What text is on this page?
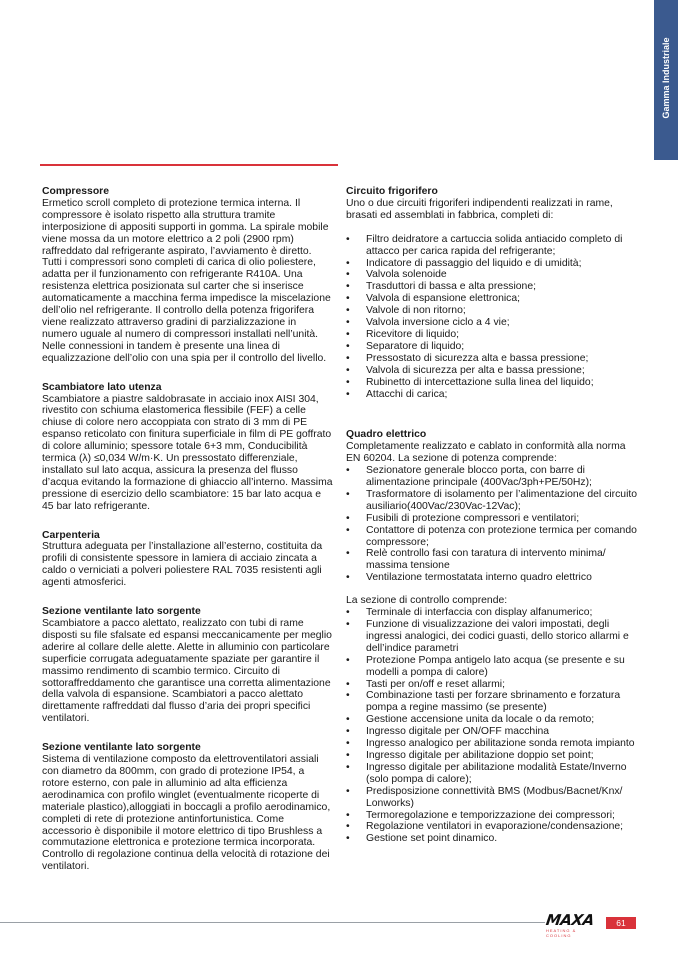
Gamma Industriale
Compressore

Ermetico scroll completo di protezione termica interna. Il compressore è isolato rispetto alla struttura tramite interposizione di appositi supporti in gomma. La spirale mobile viene mossa da un motore elettrico a 2 poli (2900 rpm) raffreddato dal refrigerante aspirato, l’avviamento è diretto. Tutti i compressori sono completi di carica di olio poliestere, adatta per il funzionamento con refrigerante R410A. Una resistenza elettrica posizionata sul carter che si inserisce automaticamente a macchina ferma impedisce la miscelazione dell’olio nel refrigerante. Il controllo della potenza frigorifera viene realizzato attraverso gradini di parzializzazione in numero uguale al numero di compressori installati nell’unità. Nelle connessioni in tandem è presente una linea di equalizzazione dell’olio con una spia per il controllo del livello.

Scambiatore lato utenza

Scambiatore a piastre saldobrasate in acciaio inox AISI 304, rivestito con schiuma elastomerica flessibile (FEF) a celle chiuse di colore nero accoppiata con strato di 3 mm di PE espanso reticolato con finitura superficiale in film di PE goffrato di colore alluminio; spessore totale 6+3 mm, Conducibilità termica (λ) ≤0,034 W/m·K. Un pressostato differenziale, installato sul lato acqua, assicura la presenza del flusso d’acqua evitando la formazione di ghiaccio all’interno. Massima pressione di esercizio dello scambiatore: 15 bar lato acqua e 45 bar lato refrigerante.

Carpenteria

Struttura adeguata per l’installazione all’esterno, costituita da profili di consistente spessore in lamiera di acciaio zincata a caldo o verniciati a polveri poliestere RAL 7035 resistenti agli agenti atmosferici.

Sezione ventilante lato sorgente

Scambiatore a pacco alettato, realizzato con tubi di rame disposti su file sfalsate ed espansi meccanicamente per meglio aderire al collare delle alette. Alette in alluminio con particolare superficie corrugata adeguatamente spaziate per garantire il massimo rendimento di scambio termico. Circuito di sottoraffreddamento che garantisce una corretta alimentazione della valvola di espansione. Scambiatori a pacco alettato direttamente raffreddati dal flusso d’aria dei propri specifici ventilatori.

Sezione ventilante lato sorgente

Sistema di ventilazione composto da elettroventilatori assiali con diametro da 800mm, con grado di protezione IP54, a rotore esterno, con pale in alluminio ad alta efficienza aerodinamica con profilo winglet (eventualmente ricoperte di materiale plastico),alloggiati in boccagli a profilo aerodinamico, completi di rete di protezione antinfortunistica. Come accessorio è disponibile il motore elettrico di tipo Brushless a commutazione elettronica e protezione termica incorporata. Controllo di regolazione continua della velocità di rotazione dei ventilatori.

Circuito frigorifero

Uno o due circuiti frigoriferi indipendenti realizzati in rame, brasati ed assemblati in fabbrica, completi di:

• Filtro deidratore a cartuccia solida antiacido completo di attacco per carica rapida del refrigerante;
• Indicatore di passaggio del liquido e di umidità;
• Valvola solenoide
• Trasduttori di bassa e alta pressione;
• Valvola di espansione elettronica;
• Valvole di non ritorno;
• Valvola inversione ciclo a 4 vie;
• Ricevitore di liquido;
• Separatore di liquido;
• Pressostato di sicurezza alta e bassa pressione;
• Valvola di sicurezza per alta e bassa pressione;
• Rubinetto di intercettazione sulla linea del liquido;
• Attacchi di carica;
Quadro elettrico

Completamente realizzato e cablato in conformità alla norma EN 60204. La sezione di potenza comprende:

• Sezionatore generale blocco porta, con barre di alimentazione principale (400Vac/3ph+PE/50Hz);
• Trasformatore di isolamento per l’alimentazione del circuito ausiliario(400Vac/230Vac-12Vac);
• Fusibili di protezione compressori e ventilatori;
• Contattore di potenza con protezione termica per comando compressore;
• Relè controllo fasi con taratura di intervento minima/ massima tensione
• Ventilazione termostatata interno quadro elettrico

La sezione di controllo comprende:

• Terminale di interfaccia con display alfanumerico;
• Funzione di visualizzazione dei valori impostati, degli ingressi analogici, dei codici guasti, dello storico allarmi e dell’indice parametri
• Protezione Pompa antigelo lato acqua (se presente e su modelli a pompa di calore)
• Tasti per on/off e reset allarmi;
• Combinazione tasti per forzare sbrinamento e forzatura pompa a regine massimo (se presente)
• Gestione accensione unita da locale o da remoto;
• Ingresso digitale per ON/OFF macchina
• Ingresso analogico per abilitazione sonda remota impianto
• Ingresso digitale per abilitazione doppio set point;
• Ingresso digitale per abilitazione modalità Estate/Inverno (solo pompa di calore);
• Predisposizione connettività BMS (Modbus/Bacnet/Knx/ Lonworks)
• Termoregolazione e temporizzazione dei compressori;
• Regolazione ventilatori in evaporazione/condensazione;
• Gestione set point dinamico.
MAXA
HEATING & COOLING
61
